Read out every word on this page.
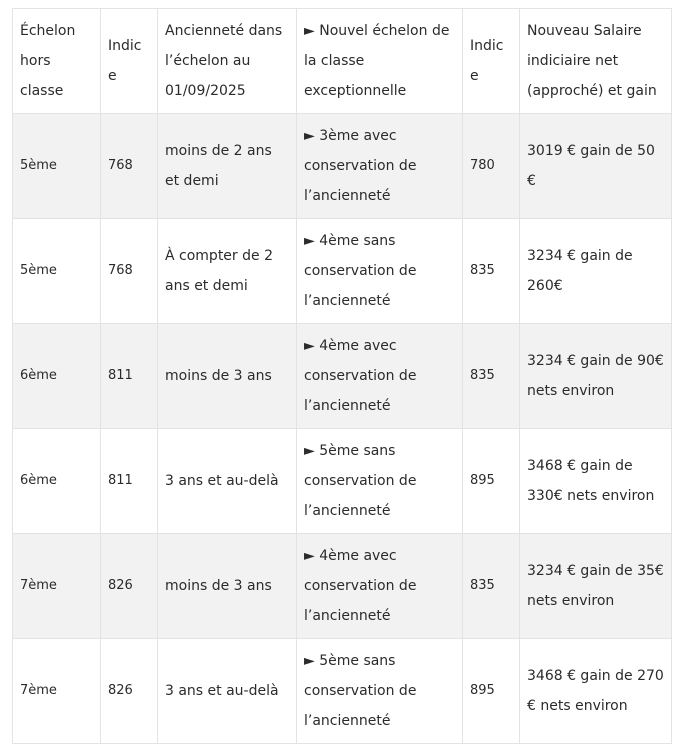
Échelon hors classe	Indice	Ancienneté dans l’échelon au 01/09/2025	► Nouvel échelon de la classe exceptionnelle	Indice	Nouveau Salaire indiciaire net (approché) et gain
5ème	768	moins de 2 ans et demi	► 3ème avec conservation de l’ancienneté	780	3019 € gain de 50 €
5ème	768	À compter de 2 ans et demi	► 4ème sans conservation de l’ancienneté	835	3234 € gain de 260€
6ème	811	moins de 3 ans	► 4ème avec conservation de l’ancienneté	835	3234 € gain de 90€ nets environ
6ème	811	3 ans et au-delà	► 5ème sans conservation de l’ancienneté	895	3468 € gain de 330€ nets environ
7ème	826	moins de 3 ans	► 4ème avec conservation de l’ancienneté	835	3234 € gain de 35€ nets environ
7ème	826	3 ans et au-delà	► 5ème sans conservation de l’ancienneté	895	3468 € gain de 270 € nets environ
